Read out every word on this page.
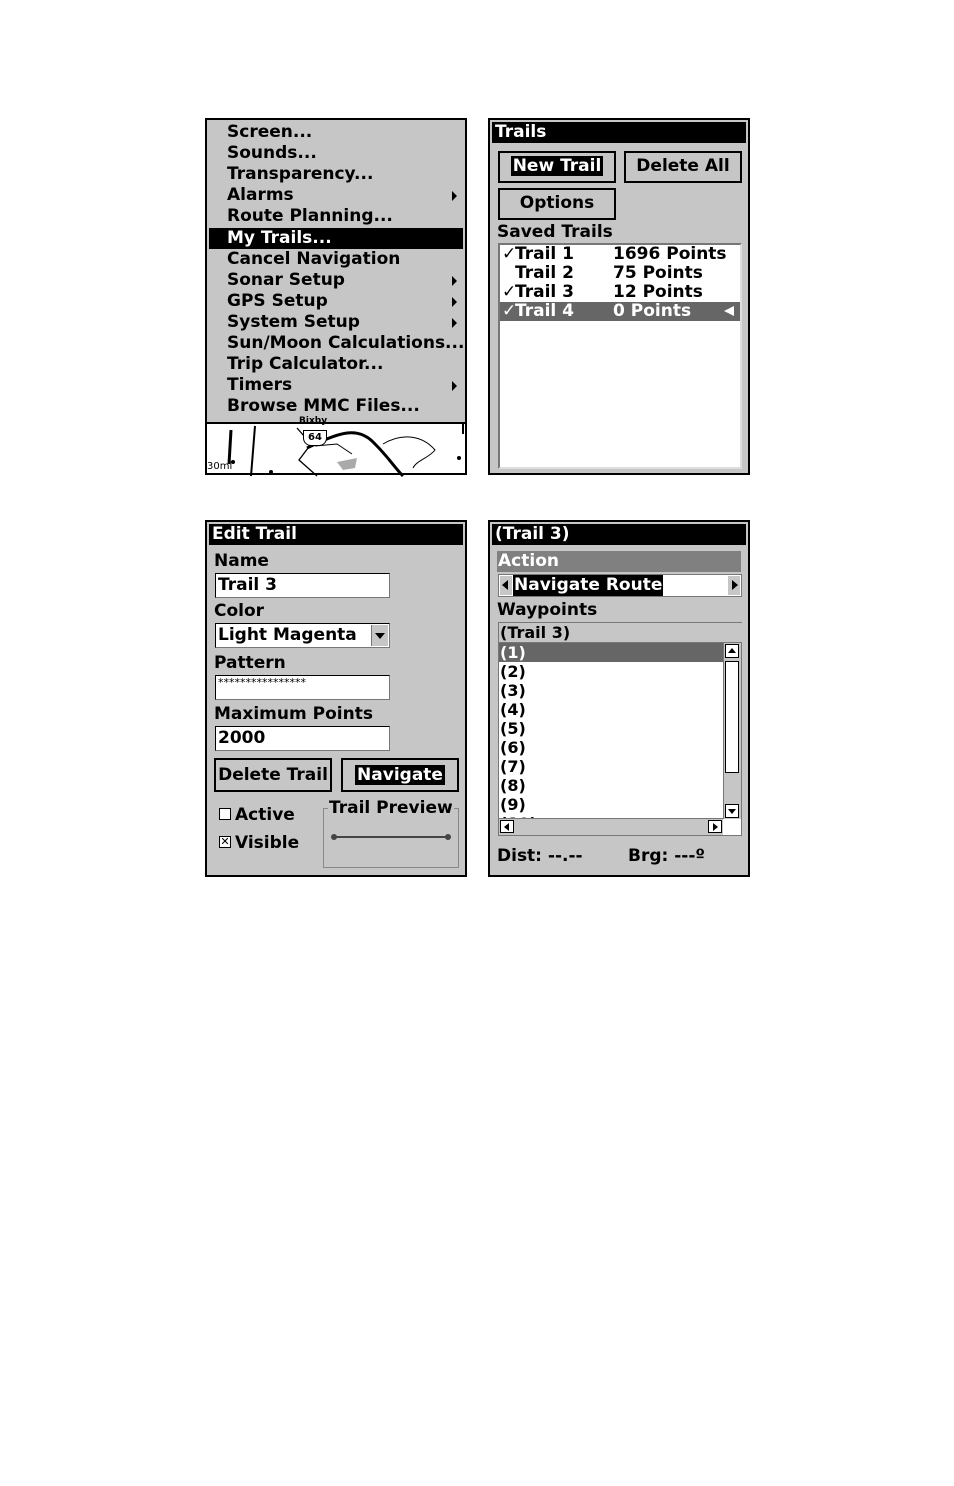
Screen...
Sounds...
Transparency...
Alarms
Route Planning...
My Trails...
Cancel Navigation
Sonar Setup
GPS Setup
System Setup
Sun/Moon Calculations...
Trip Calculator...
Timers
Browse MMC Files...
64
Bixby
30mi
Trails
New Trail	Delete All
Options
Saved Trails
✓
Trail 1 1696 Points
Trail 2 75 Points
✓
Trail 3 12 Points
✓
Trail 4 0 Points
Edit Trail
Name
Trail 3
Color
Light Magenta
Pattern
****************
Maximum Points
2000
Delete Trail	Navigate
Active
✕ Visible
Trail Preview
(Trail 3)
Action
Navigate Route
Waypoints
(Trail 3)
(1)
(2)
(3)
(4)
(5)
(6)
(7)
(8)
(9)
Dist: --.--	Brg: ---º
